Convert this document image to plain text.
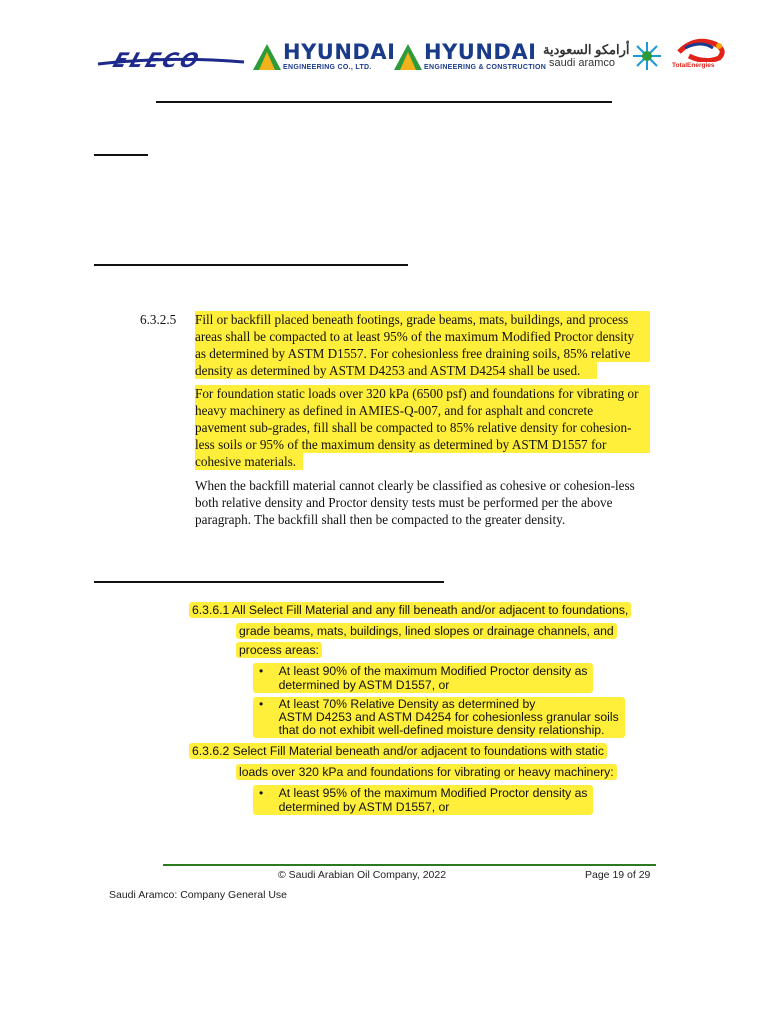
ELECO	HYUNDAI
ENGINEERING CO., LTD.
HYUNDAI
ENGINEERING & CONSTRUCTION
أرامكو السعودية
saudi aramco	TotalEnergies
6.3.2.5 Fill or backfill placed beneath footings, grade beams, mats, buildings, and process
areas shall be compacted to at least 95% of the maximum Modified Proctor density
as determined by ASTM D1557. For cohesionless free draining soils, 85% relative
density as determined by ASTM D4253 and ASTM D4254 shall be used.
For foundation static loads over 320 kPa (6500 psf) and foundations for vibrating or
heavy machinery as defined in AMIES-Q-007, and for asphalt and concrete
pavement sub-grades, fill shall be compacted to 85% relative density for cohesion-
less soils or 95% of the maximum density as determined by ASTM D1557 for
cohesive materials.
When the backfill material cannot clearly be classified as cohesive or cohesion-less
both relative density and Proctor density tests must be performed per the above
paragraph. The backfill shall then be compacted to the greater density.
6.3.6.1 All Select Fill Material and any fill beneath and/or adjacent to foundations,
grade beams, mats, buildings, lined slopes or drainage channels, and
process areas:
• At least 90% of the maximum Modified Proctor density as
determined by ASTM D1557, or
• At least 70% Relative Density as determined by
ASTM D4253 and ASTM D4254 for cohesionless granular soils
that do not exhibit well-defined moisture density relationship.
6.3.6.2 Select Fill Material beneath and/or adjacent to foundations with static
loads over 320 kPa and foundations for vibrating or heavy machinery:
• At least 95% of the maximum Modified Proctor density as
determined by ASTM D1557, or
© Saudi Arabian Oil Company, 2022	Page 19 of 29
Saudi Aramco: Company General Use
